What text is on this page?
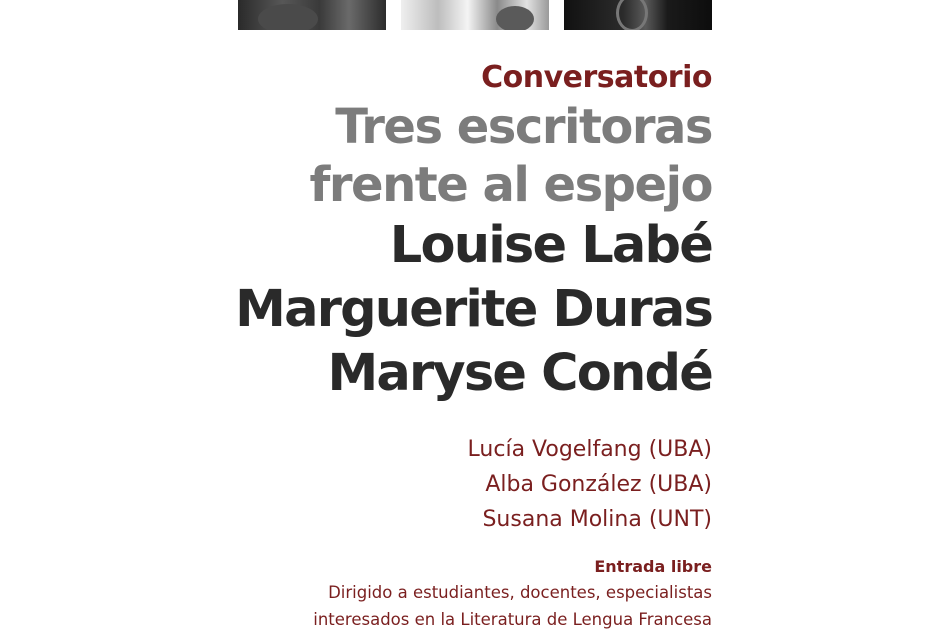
Conversatorio

Tres escritoras

frente al espejo

Louise Labé

Marguerite Duras

Maryse Condé

Lucía Vogelfang (UBA)

Alba González (UBA)

Susana Molina (UNT)

Entrada libre

Dirigido a estudiantes, docentes, especialistas

interesados en la Literatura de Lengua Francesa
